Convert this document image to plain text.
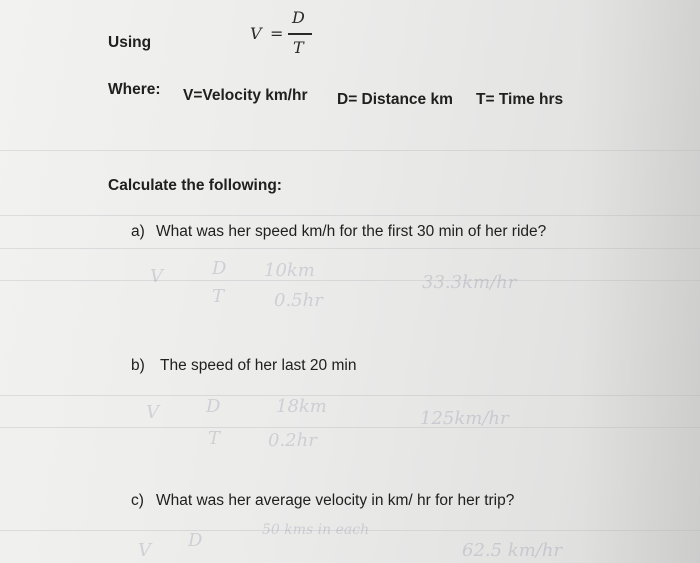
V	D 10km
T	0.5hr
33.3km/hr
V	D
T
18km
0.2hr
125km/hr
V D	50 kms in each
62.5 km/hr
Using	V =
D
T
Where: V=Velocity km/hr D= Distance km T= Time hrs
Calculate the following:
a) What was her speed km/h for the first 30 min of her ride?
b) The speed of her last 20 min
c) What was her average velocity in km/ hr for her trip?
